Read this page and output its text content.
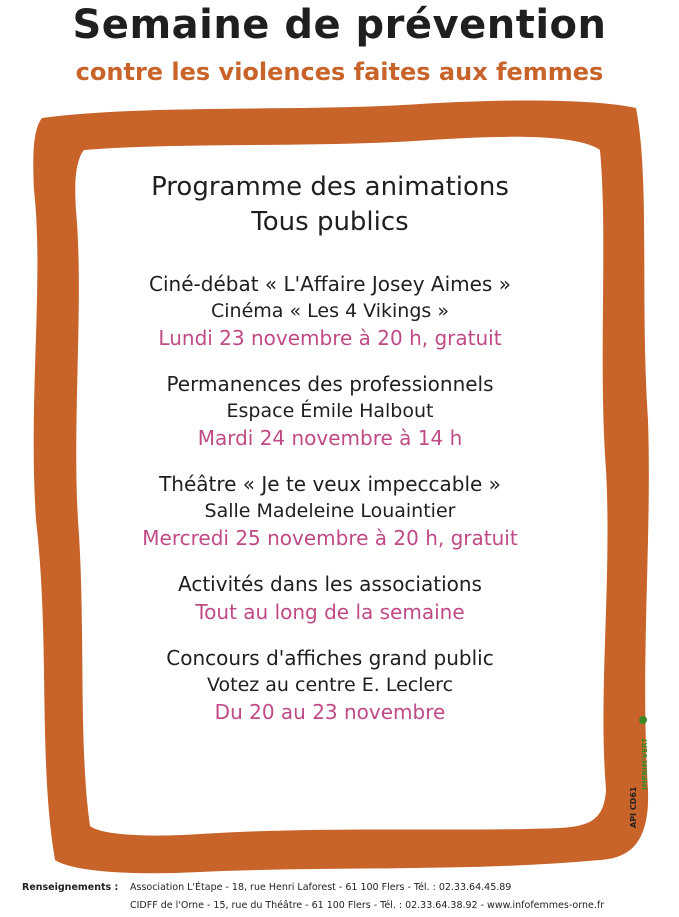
Semaine de prévention
contre les violences faites aux femmes
Programme des animations
Tous publics
Ciné-débat « L'Affaire Josey Aimes »
Cinéma « Les 4 Vikings »
Lundi 23 novembre à 20 h, gratuit
Permanences des professionnels
Espace Émile Halbout
Mardi 24 novembre à 14 h
Théâtre « Je te veux impeccable »
Salle Madeleine Louaintier
Mercredi 25 novembre à 20 h, gratuit
Activités dans les associations
Tout au long de la semaine
Concours d'affiches grand public
Votez au centre E. Leclerc
Du 20 au 23 novembre
API CD61
IMPRIM'VERT
Renseignements : Association L'Étape - 18, rue Henri Laforest - 61 100 Flers - Tél. : 02.33.64.45.89
CIDFF de l'Orne - 15, rue du Théâtre - 61 100 Flers - Tél. : 02.33.64.38.92 - www.infofemmes-orne.fr
